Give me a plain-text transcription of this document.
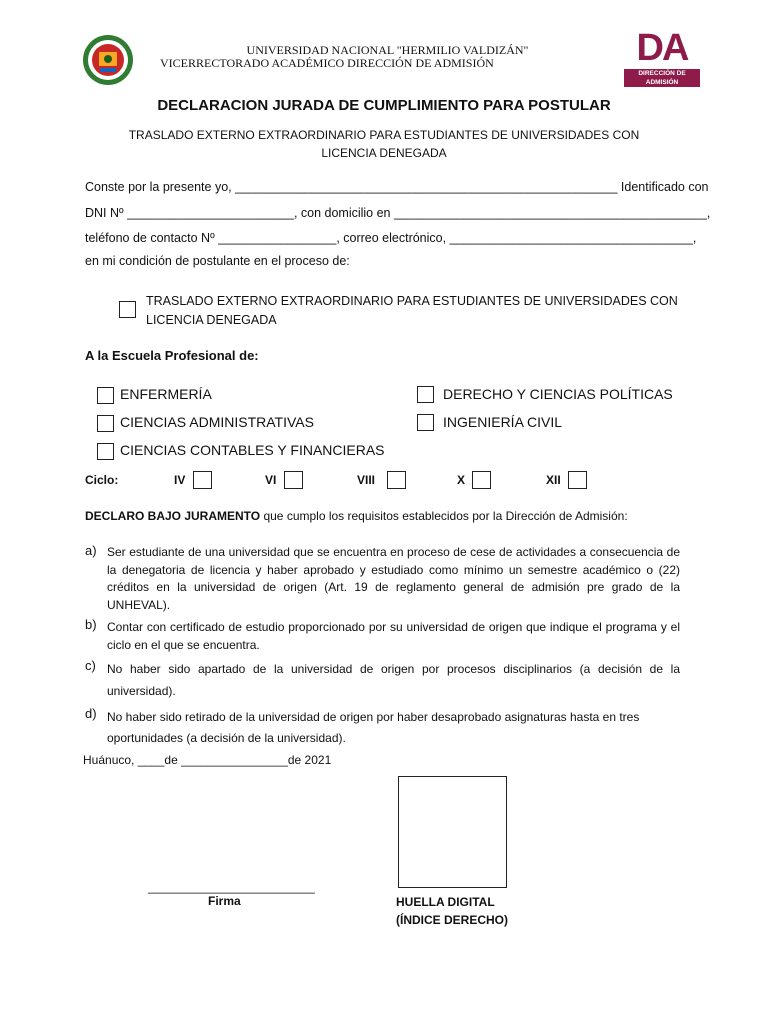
UNIVERSIDAD NACIONAL "HERMILIO VALDIZÁN"
VICERRECTORADO ACADÉMICO DIRECCIÓN DE ADMISIÓN	DA
DIRECCIÓN DE ADMISIÓN
DECLARACION JURADA DE CUMPLIMIENTO PARA POSTULAR
TRASLADO EXTERNO EXTRAORDINARIO PARA ESTUDIANTES DE UNIVERSIDADES CON LICENCIA DENEGADA
Conste por la presente yo, _______________________________________________________ Identificado con
DNI Nº ________________________, con domicilio en _____________________________________________,
teléfono de contacto Nº _________________, correo electrónico, ___________________________________,
en mi condición de postulante en el proceso de:
TRASLADO EXTERNO EXTRAORDINARIO PARA ESTUDIANTES DE UNIVERSIDADES CON LICENCIA DENEGADA
A la Escuela Profesional de:
ENFERMERÍA	DERECHO Y CIENCIAS POLÍTICAS
CIENCIAS ADMINISTRATIVAS	INGENIERÍA CIVIL
CIENCIAS CONTABLES Y FINANCIERAS
Ciclo:	IV	VI	VIII	X	XII
DECLARO BAJO JURAMENTO que cumplo los requisitos establecidos por la Dirección de Admisión:
a) Ser estudiante de una universidad que se encuentra en proceso de cese de actividades a consecuencia de la denegatoria de licencia y haber aprobado y estudiado como mínimo un semestre académico o (22) créditos en la universidad de origen (Art. 19 de reglamento general de admisión pre grado de la UNHEVAL).
b) Contar con certificado de estudio proporcionado por su universidad de origen que indique el programa y el ciclo en el que se encuentra.
c) No haber sido apartado de la universidad de origen por procesos disciplinarios (a decisión de la universidad).
d) No haber sido retirado de la universidad de origen por haber desaprobado asignaturas hasta en tres oportunidades (a decisión de la universidad).
Huánuco, ____de ________________de 2021
_________________________
Firma	HUELLA DIGITAL
(ÍNDICE DERECHO)
